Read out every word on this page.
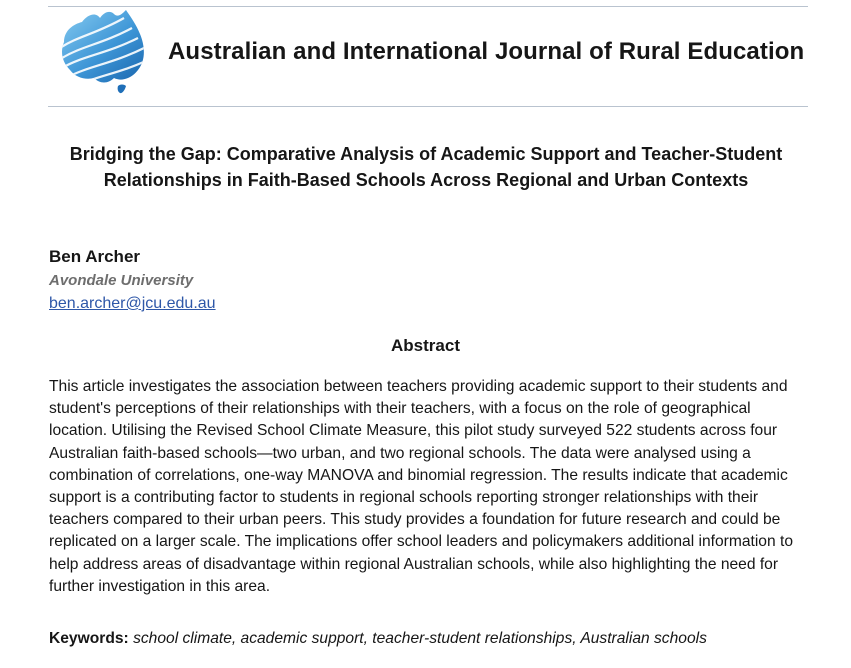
Australian and International Journal of Rural Education
Bridging the Gap: Comparative Analysis of Academic Support and Teacher-Student Relationships in Faith-Based Schools Across Regional and Urban Contexts
Ben Archer
Avondale University
ben.archer@jcu.edu.au
Abstract

This article investigates the association between teachers providing academic support to their students and student's perceptions of their relationships with their teachers, with a focus on the role of geographical location. Utilising the Revised School Climate Measure, this pilot study surveyed 522 students across four Australian faith-based schools—two urban, and two regional schools. The data were analysed using a combination of correlations, one-way MANOVA and binomial regression. The results indicate that academic support is a contributing factor to students in regional schools reporting stronger relationships with their teachers compared to their urban peers. This study provides a foundation for future research and could be replicated on a larger scale. The implications offer school leaders and policymakers additional information to help address areas of disadvantage within regional Australian schools, while also highlighting the need for further investigation in this area.

Keywords: school climate, academic support, teacher-student relationships, Australian schools
